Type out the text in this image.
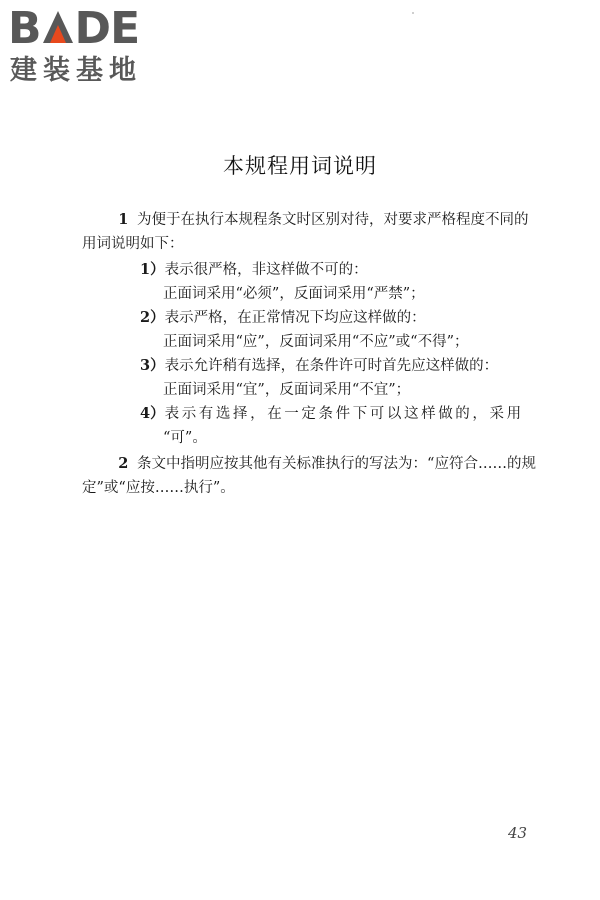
B DE
建装基地
本规程用词说明

1 为便于在执行本规程条文时区别对待，对要求严格程度不同的用词说明如下：

1）表示很严格，非这样做不可的：
正面词采用“必须”，反面词采用“严禁”；
2）表示严格，在正常情况下均应这样做的：
正面词采用“应”，反面词采用“不应”或“不得”；
3）表示允许稍有选择，在条件许可时首先应这样做的：
正面词采用“宜”，反面词采用“不宜”；
4）表示有选择，在一定条件下可以这样做的，采用
“可”。

2 条文中指明应按其他有关标准执行的写法为：“应符合……的规定”或“应按……执行”。

43
